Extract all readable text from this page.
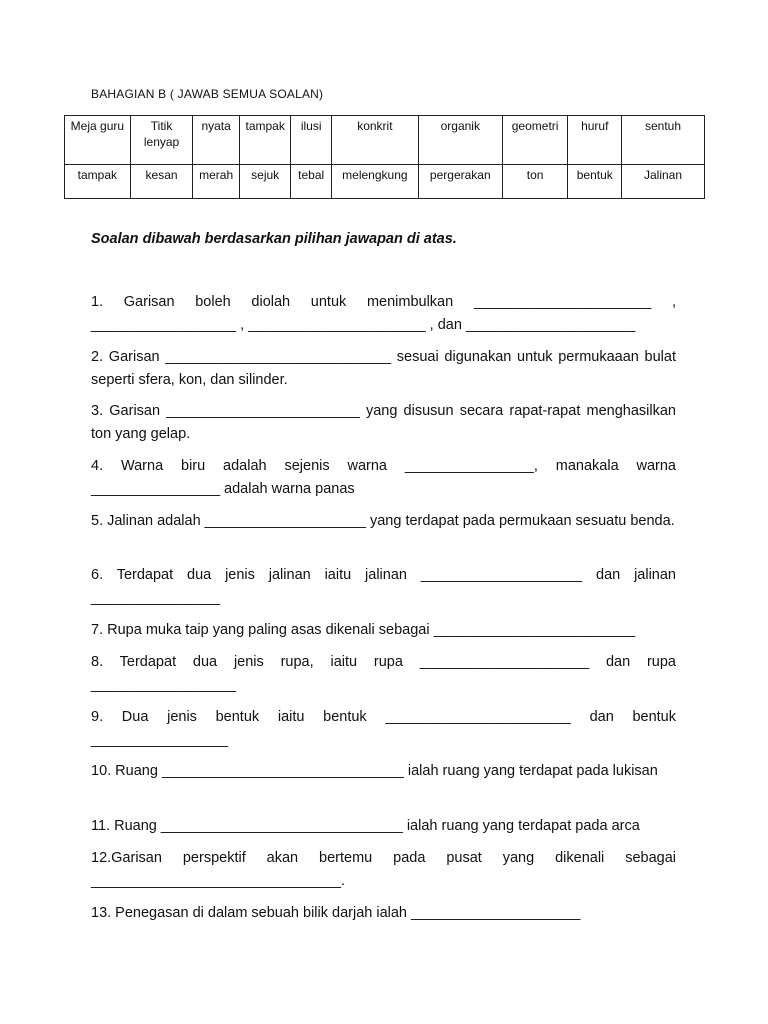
BAHAGIAN B ( JAWAB SEMUA SOALAN)
Meja guru	Titik lenyap	nyata	tampak	ilusi	konkrit	organik	geometri	huruf	sentuh
tampak	kesan	merah	sejuk	tebal	melengkung	pergerakan	ton	bentuk	Jalinan
Soalan dibawah berdasarkan pilihan jawapan di atas.
1. Garisan boleh diolah untuk menimbulkan ______________________ , __________________ , ______________________ , dan _____________________
2. Garisan ____________________________ sesuai digunakan untuk permukaaan bulat seperti sfera, kon, dan silinder.
3. Garisan ________________________ yang disusun secara rapat-rapat menghasilkan ton yang gelap.
4. Warna biru adalah sejenis warna ________________, manakala warna ________________ adalah warna panas
5. Jalinan adalah ____________________ yang terdapat pada permukaan sesuatu benda.
6. Terdapat dua jenis jalinan iaitu jalinan ____________________ dan jalinan ________________
7. Rupa muka taip yang paling asas dikenali sebagai _________________________
8. Terdapat dua jenis rupa, iaitu rupa _____________________ dan rupa __________________
9. Dua jenis bentuk iaitu bentuk _______________________ dan bentuk _________________
10. Ruang ______________________________ ialah ruang yang terdapat pada lukisan
11. Ruang ______________________________ ialah ruang yang terdapat pada arca
12.Garisan perspektif akan bertemu pada pusat yang dikenali sebagai _______________________________.
13. Penegasan di dalam sebuah bilik darjah ialah _____________________
